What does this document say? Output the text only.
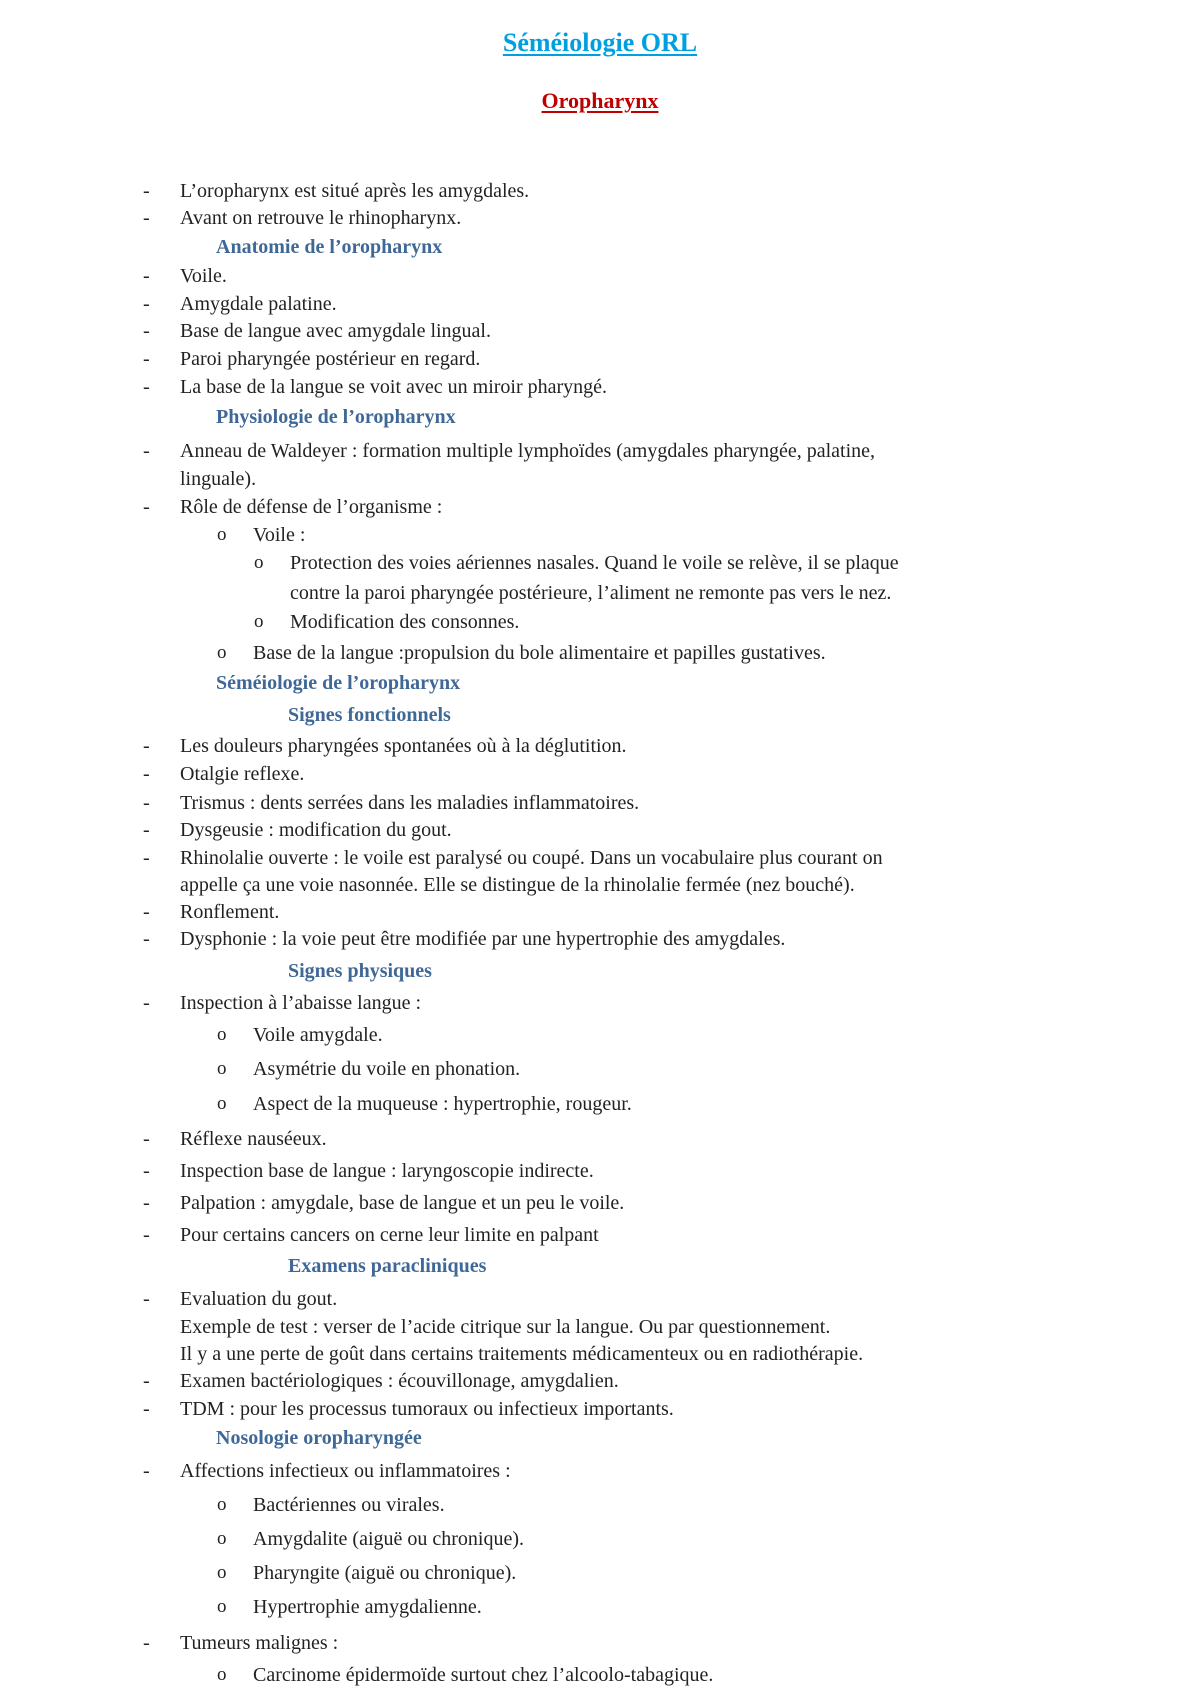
Séméiologie ORL
Oropharynx
-	L’oropharynx est situé après les amygdales.
-	Avant on retrouve le rhinopharynx.
Anatomie de l’oropharynx
-	Voile.
-	Amygdale palatine.
-	Base de langue avec amygdale lingual.
-	Paroi pharyngée postérieur en regard.
-	La base de la langue se voit avec un miroir pharyngé.
Physiologie de l’oropharynx
-	Anneau de Waldeyer : formation multiple lymphoïdes (amygdales pharyngée, palatine,
linguale).
-	Rôle de défense de l’organisme :
o Voile :
o Protection des voies aériennes nasales. Quand le voile se relève, il se plaque
contre la paroi pharyngée postérieure, l’aliment ne remonte pas vers le nez.
o Modification des consonnes.
o Base de la langue :propulsion du bole alimentaire et papilles gustatives.
Séméiologie de l’oropharynx
Signes fonctionnels
-	Les douleurs pharyngées spontanées où à la déglutition.
-	Otalgie reflexe.
-	Trismus : dents serrées dans les maladies inflammatoires.
-	Dysgeusie : modification du gout.
-	Rhinolalie ouverte : le voile est paralysé ou coupé. Dans un vocabulaire plus courant on
appelle ça une voie nasonnée. Elle se distingue de la rhinolalie fermée (nez bouché).
-	Ronflement.
-	Dysphonie : la voie peut être modifiée par une hypertrophie des amygdales.
Signes physiques
-	Inspection à l’abaisse langue :
o Voile amygdale.
o Asymétrie du voile en phonation.
o Aspect de la muqueuse : hypertrophie, rougeur.
-	Réflexe nauséeux.
-	Inspection base de langue : laryngoscopie indirecte.
-	Palpation : amygdale, base de langue et un peu le voile.
-	Pour certains cancers on cerne leur limite en palpant
Examens paracliniques
-	Evaluation du gout.
Exemple de test : verser de l’acide citrique sur la langue. Ou par questionnement.
Il y a une perte de goût dans certains traitements médicamenteux ou en radiothérapie.
-	Examen bactériologiques : écouvillonage, amygdalien.
-	TDM : pour les processus tumoraux ou infectieux importants.
Nosologie oropharyngée
-	Affections infectieux ou inflammatoires :
o Bactériennes ou virales.
o Amygdalite (aiguë ou chronique).
o Pharyngite (aiguë ou chronique).
o Hypertrophie amygdalienne.
-	Tumeurs malignes :
o Carcinome épidermoïde surtout chez l’alcoolo-tabagique.
